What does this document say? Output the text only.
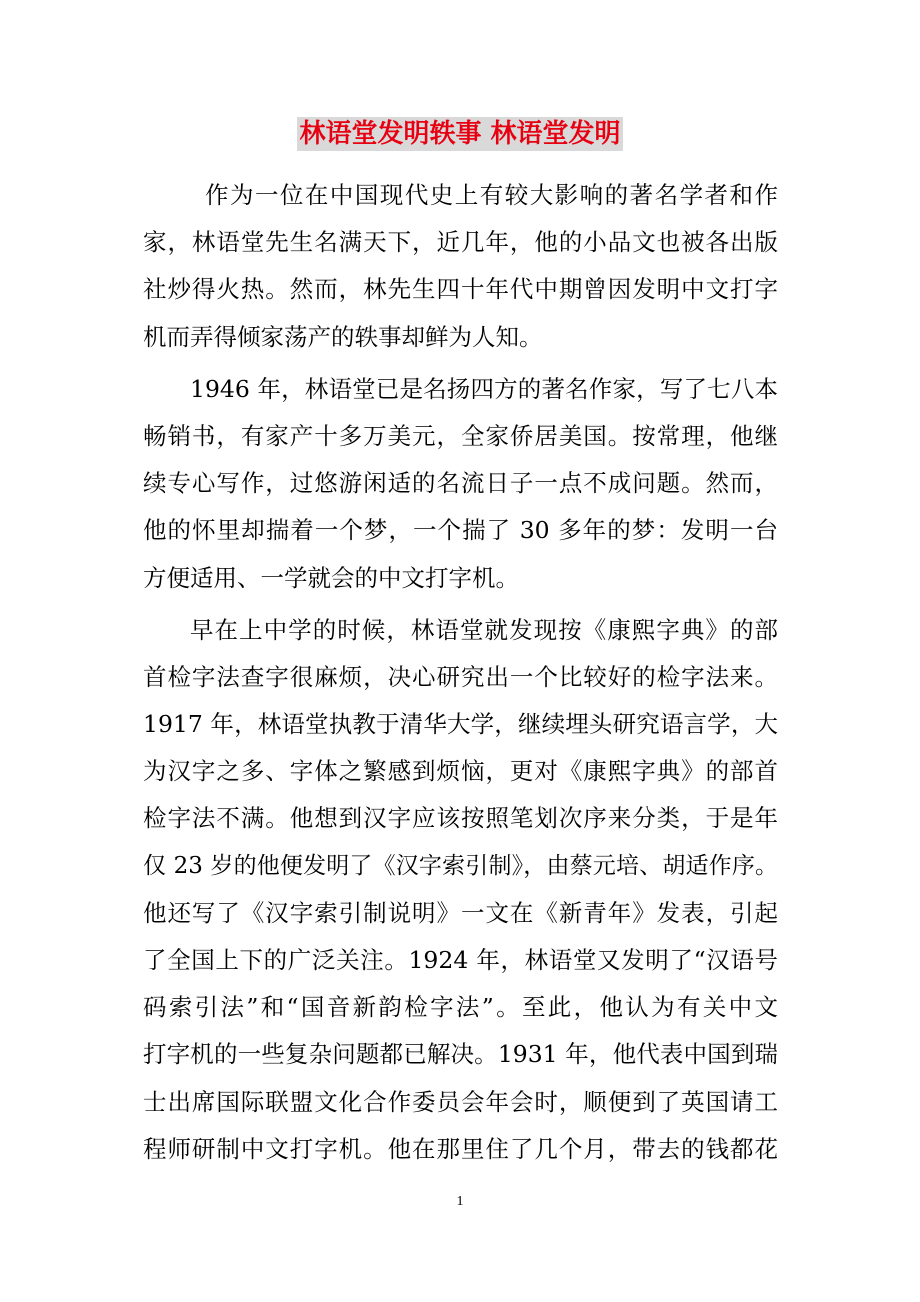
林语堂发明轶事 林语堂发明
作为一位在中国现代史上有较大影响的著名学者和作
家，林语堂先生名满天下，近几年，他的小品文也被各出版
社炒得火热。然而，林先生四十年代中期曾因发明中文打字
机而弄得倾家荡产的轶事却鲜为人知。
1946 年，林语堂已是名扬四方的著名作家，写了七八本
畅销书，有家产十多万美元，全家侨居美国。按常理，他继
续专心写作，过悠游闲适的名流日子一点不成问题。然而，
他的怀里却揣着一个梦，一个揣了 30 多年的梦：发明一台
方便适用、一学就会的中文打字机。
早在上中学的时候，林语堂就发现按《康熙字典》的部
首检字法查字很麻烦，决心研究出一个比较好的检字法来。
1917 年，林语堂执教于清华大学，继续埋头研究语言学，大
为汉字之多、字体之繁感到烦恼，更对《康熙字典》的部首
检字法不满。他想到汉字应该按照笔划次序来分类，于是年
仅 23 岁的他便发明了《汉字索引制》，由蔡元培、胡适作序。
他还写了《汉字索引制说明》一文在《新青年》发表，引起
了全国上下的广泛关注。1924 年，林语堂又发明了“汉语号
码索引法”和“国音新韵检字法”。至此，他认为有关中文
打字机的一些复杂问题都已解决。1931 年，他代表中国到瑞
士出席国际联盟文化合作委员会年会时，顺便到了英国请工
程师研制中文打字机。他在那里住了几个月，带去的钱都花
1
